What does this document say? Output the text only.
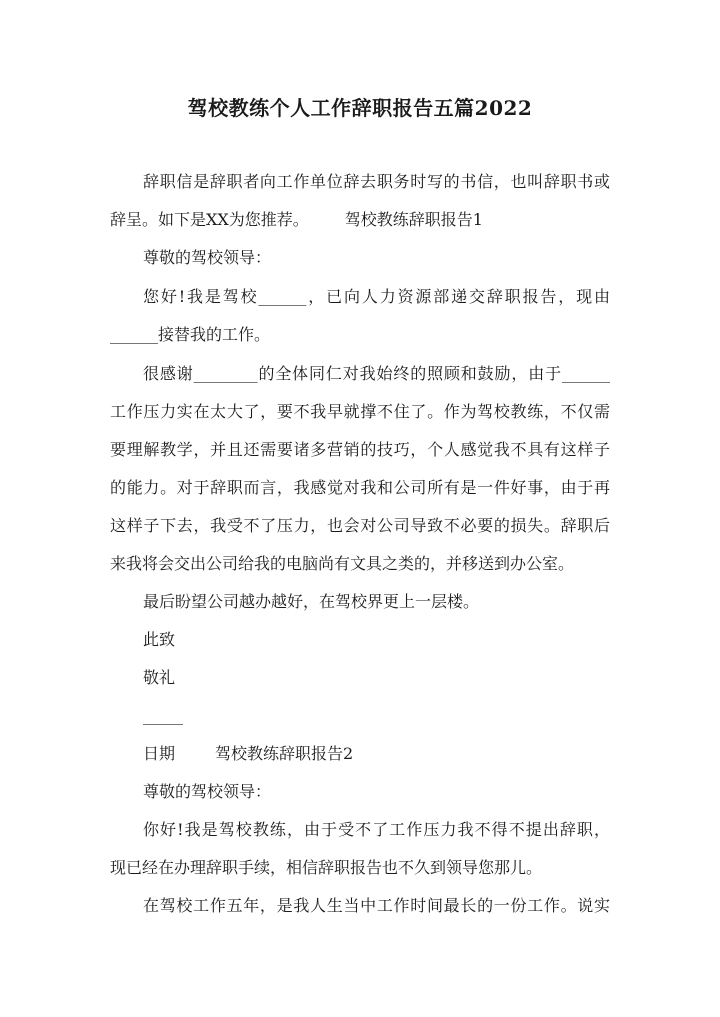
驾校教练个人工作辞职报告五篇2022
辞职信是辞职者向工作单位辞去职务时写的书信，也叫辞职书或
辞呈。如下是XX为您推荐。 驾校教练辞职报告1
尊敬的驾校领导：
您好!我是驾校______，已向人力资源部递交辞职报告，现由
______接替我的工作。
很感谢________的全体同仁对我始终的照顾和鼓励，由于______
工作压力实在太大了，要不我早就撑不住了。作为驾校教练，不仅需
要理解教学，并且还需要诸多营销的技巧，个人感觉我不具有这样子
的能力。对于辞职而言，我感觉对我和公司所有是一件好事，由于再
这样子下去，我受不了压力，也会对公司导致不必要的损失。辞职后
来我将会交出公司给我的电脑尚有文具之类的，并移送到办公室。
最后盼望公司越办越好，在驾校界更上一层楼。
此致
敬礼
_____
日期	驾校教练辞职报告2
尊敬的驾校领导：
你好!我是驾校教练，由于受不了工作压力我不得不提出辞职，
现已经在办理辞职手续，相信辞职报告也不久到领导您那儿。
在驾校工作五年，是我人生当中工作时间最长的一份工作。说实
